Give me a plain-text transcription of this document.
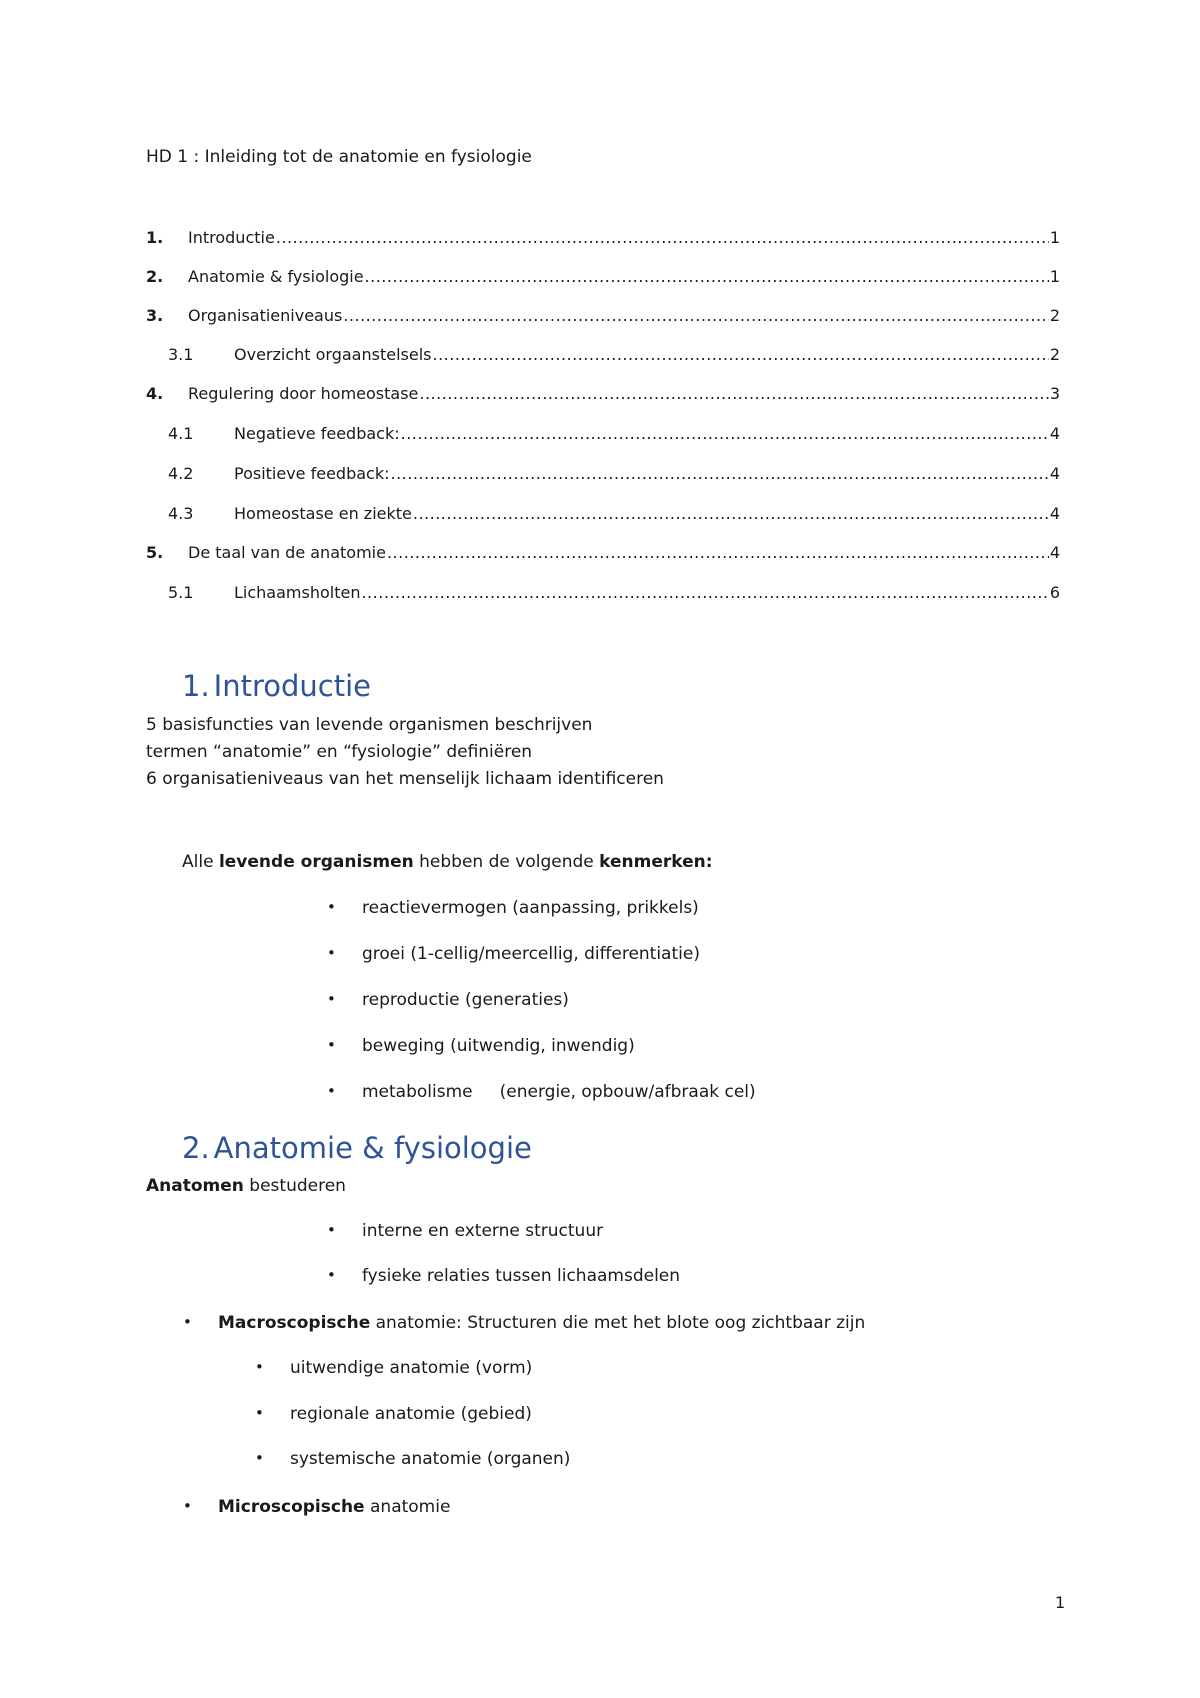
HD 1 : Inleiding tot de anatomie en fysiologie
1.	Introductie .....	1
2.	Anatomie & fysiologie .....	1
3.	Organisatieniveaus .....	2
3.1	Overzicht orgaanstelsels .....	2
4.	Regulering door homeostase .....	3
4.1	Negatieve feedback: .....	4
4.2	Positieve feedback: .....	4
4.3	Homeostase en ziekte .....	4
5.	De taal van de anatomie .....	4
5.1	Lichaamsholten .....	6
1. Introductie
5 basisfuncties van levende organismen beschrijven
termen “anatomie” en “fysiologie” definiëren
6 organisatieniveaus van het menselijk lichaam identificeren
Alle levende organismen hebben de volgende kenmerken:
• reactievermogen (aanpassing, prikkels)
• groei (1-cellig/meercellig, differentiatie)
• reproductie (generaties)
• beweging (uitwendig, inwendig)
• metabolisme     (energie, opbouw/afbraak cel)
2. Anatomie & fysiologie
Anatomen bestuderen
• interne en externe structuur
• fysieke relaties tussen lichaamsdelen
• Macroscopische anatomie: Structuren die met het blote oog zichtbaar zijn
• uitwendige anatomie (vorm)
• regionale anatomie (gebied)
• systemische anatomie (organen)
• Microscopische anatomie
1
